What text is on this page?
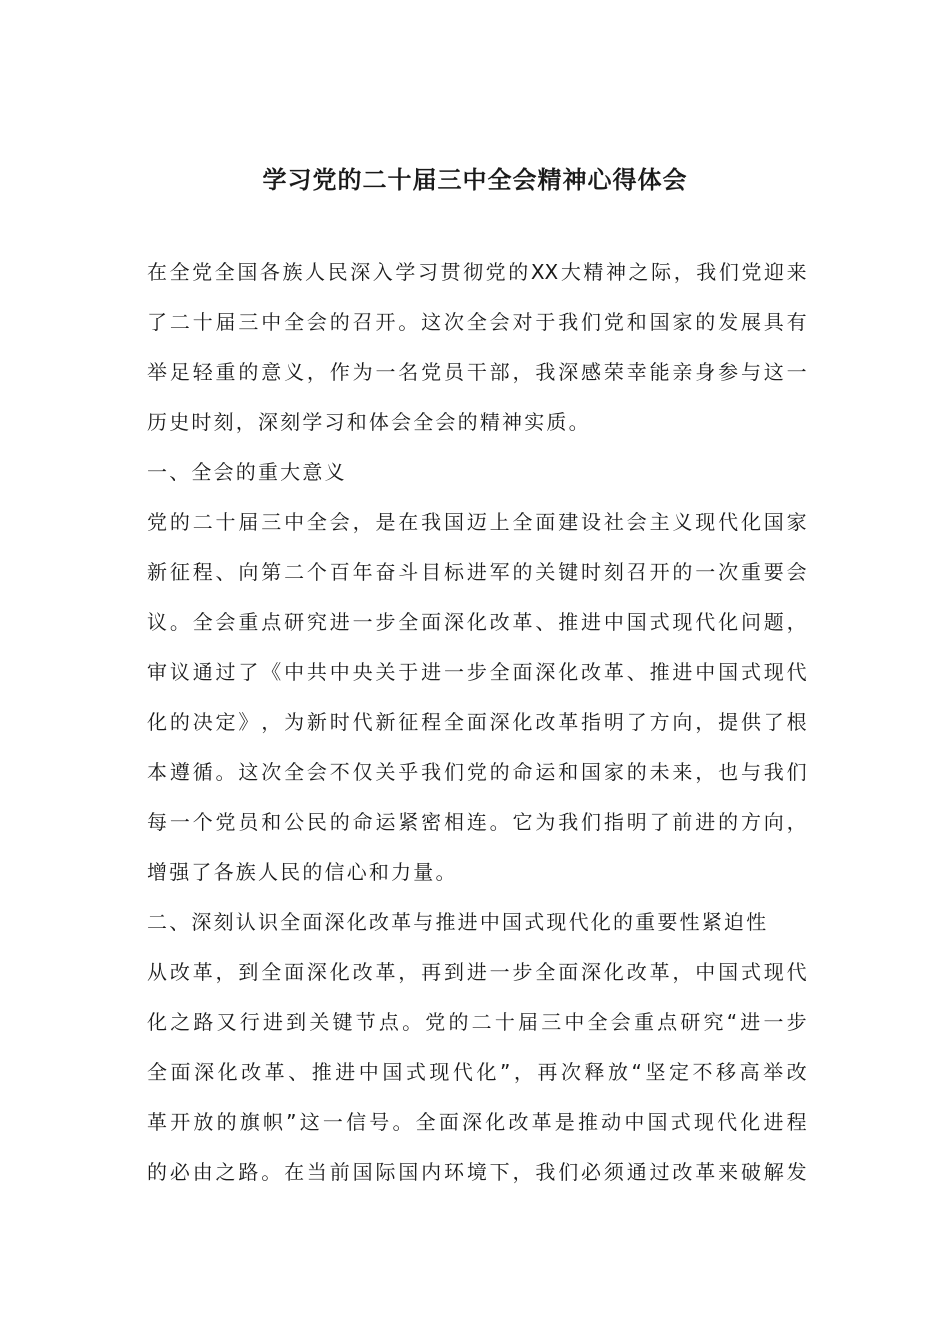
学习党的二十届三中全会精神心得体会
在 全 党 全 国 各 族 人 民 深 入 学 习 贯 彻 党 的 XX 大 精 神 之 际 ， 我 们 党 迎 来
了 二 十 届 三 中 全 会 的 召 开 。 这 次 全 会 对 于 我 们 党 和 国 家 的 发 展 具 有
举 足 轻 重 的 意 义 ， 作 为 一 名 党 员 干 部 ， 我 深 感 荣 幸 能 亲 身 参 与 这 一
历 史 时 刻 ， 深 刻 学 习 和 体 会 全 会 的 精 神 实 质 。
一 、 全 会 的 重 大 意 义
党 的 二 十 届 三 中 全 会 ， 是 在 我 国 迈 上 全 面 建 设 社 会 主 义 现 代 化 国 家
新 征 程 、 向 第 二 个 百 年 奋 斗 目 标 进 军 的 关 键 时 刻 召 开 的 一 次 重 要 会
议 。 全 会 重 点 研 究 进 一 步 全 面 深 化 改 革 、 推 进 中 国 式 现 代 化 问 题 ，
审 议 通 过 了 《 中 共 中 央 关 于 进 一 步 全 面 深 化 改 革 、 推 进 中 国 式 现 代
化 的 决 定 》 ， 为 新 时 代 新 征 程 全 面 深 化 改 革 指 明 了 方 向 ， 提 供 了 根
本 遵 循 。 这 次 全 会 不 仅 关 乎 我 们 党 的 命 运 和 国 家 的 未 来 ， 也 与 我 们
每 一 个 党 员 和 公 民 的 命 运 紧 密 相 连 。 它 为 我 们 指 明 了 前 进 的 方 向 ，
增 强 了 各 族 人 民 的 信 心 和 力 量 。
二 、 深 刻 认 识 全 面 深 化 改 革 与 推 进 中 国 式 现 代 化 的 重 要 性 紧 迫 性
从 改 革 ， 到 全 面 深 化 改 革 ， 再 到 进 一 步 全 面 深 化 改 革 ， 中 国 式 现 代
化 之 路 又 行 进 到 关 键 节 点 。 党 的 二 十 届 三 中 全 会 重 点 研 究 “ 进 一 步
全 面 深 化 改 革 、 推 进 中 国 式 现 代 化 ” ， 再 次 释 放 “ 坚 定 不 移 高 举 改
革 开 放 的 旗 帜 ” 这 一 信 号 。 全 面 深 化 改 革 是 推 动 中 国 式 现 代 化 进 程
的 必 由 之 路 。 在 当 前 国 际 国 内 环 境 下 ， 我 们 必 须 通 过 改 革 来 破 解 发
